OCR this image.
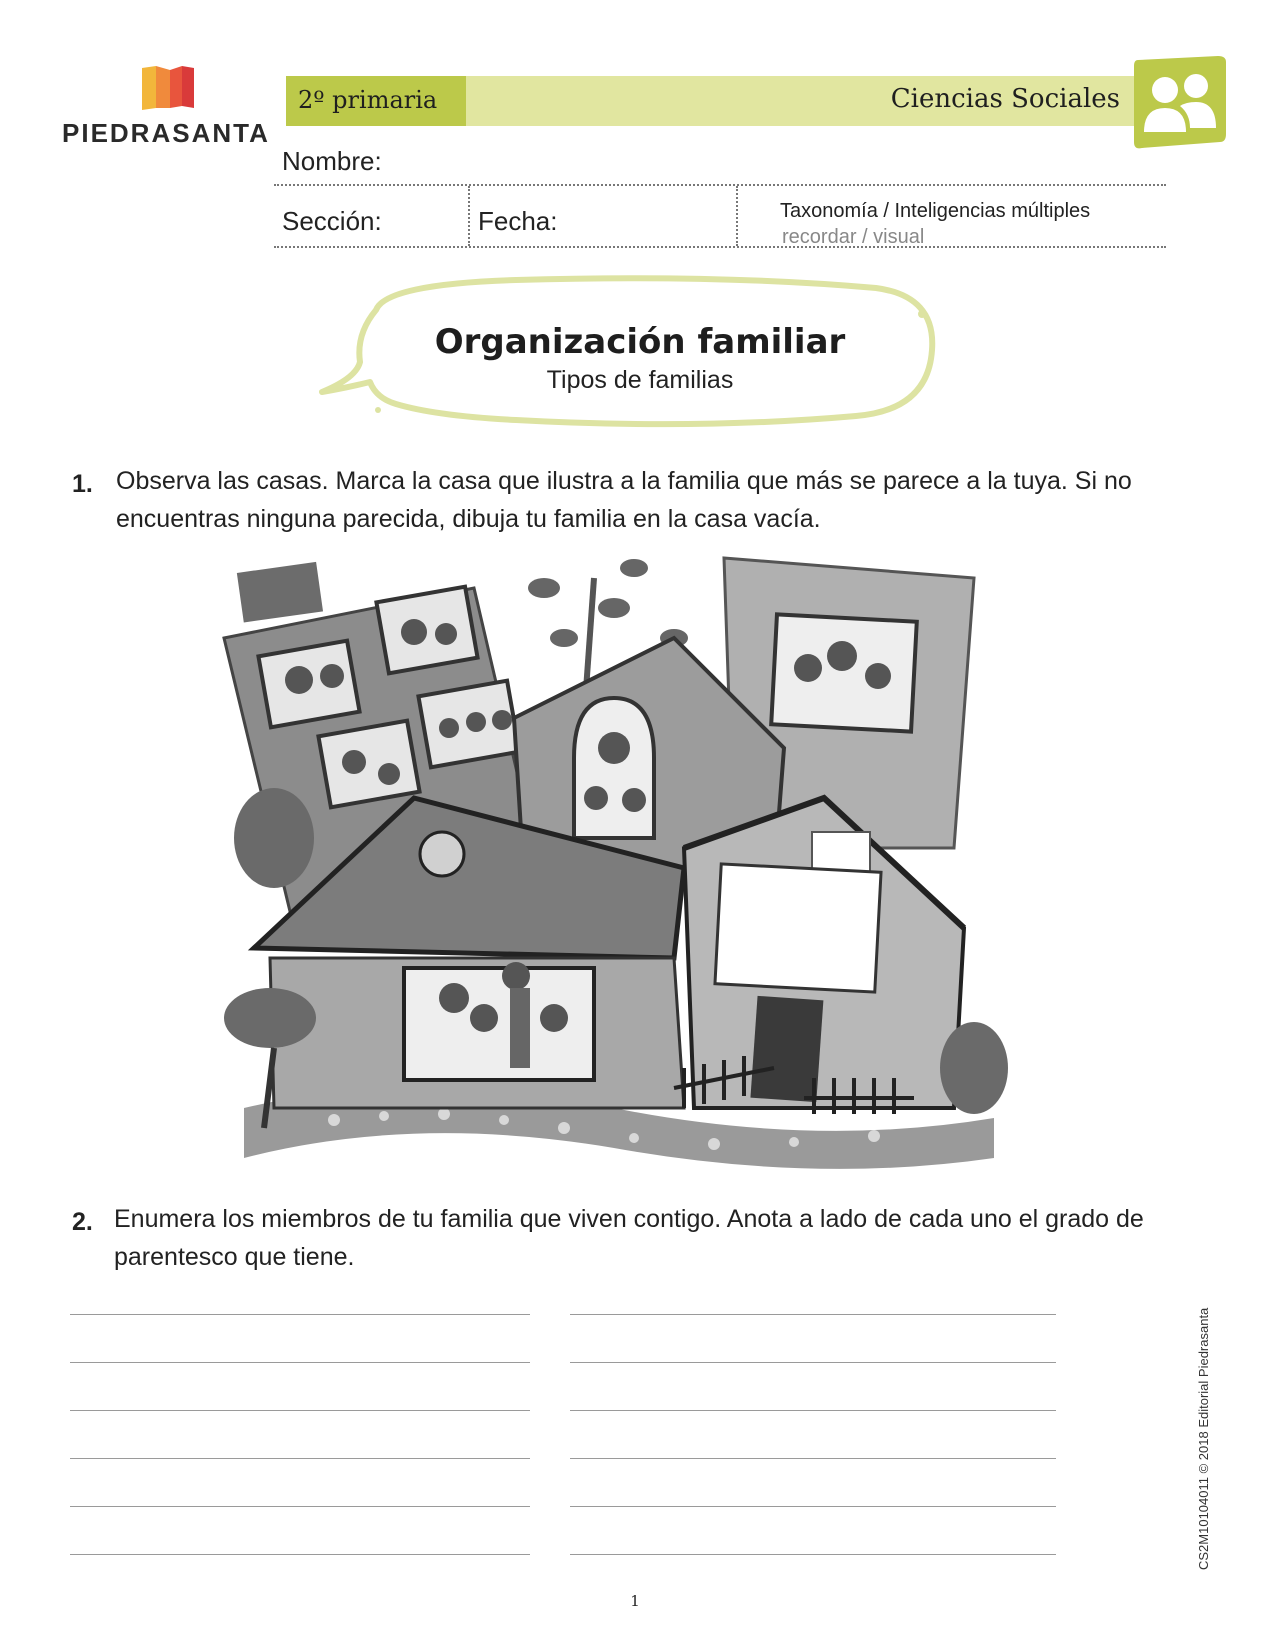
PIEDRASANTA
2º primaria	Ciencias Sociales
Nombre:
Sección:	Fecha:	Taxonomía / Inteligencias múltiples
recordar / visual
Organización familiar
Tipos de familias
1. Observa las casas. Marca la casa que ilustra a la familia que más se parece a la tuya. Si no encuentras ninguna parecida, dibuja tu familia en la casa vacía.
2. Enumera los miembros de tu familia que viven contigo. Anota a lado de cada uno el grado de parentesco que tiene.
CS2M10104011 © 2018 Editorial Piedrasanta
1
